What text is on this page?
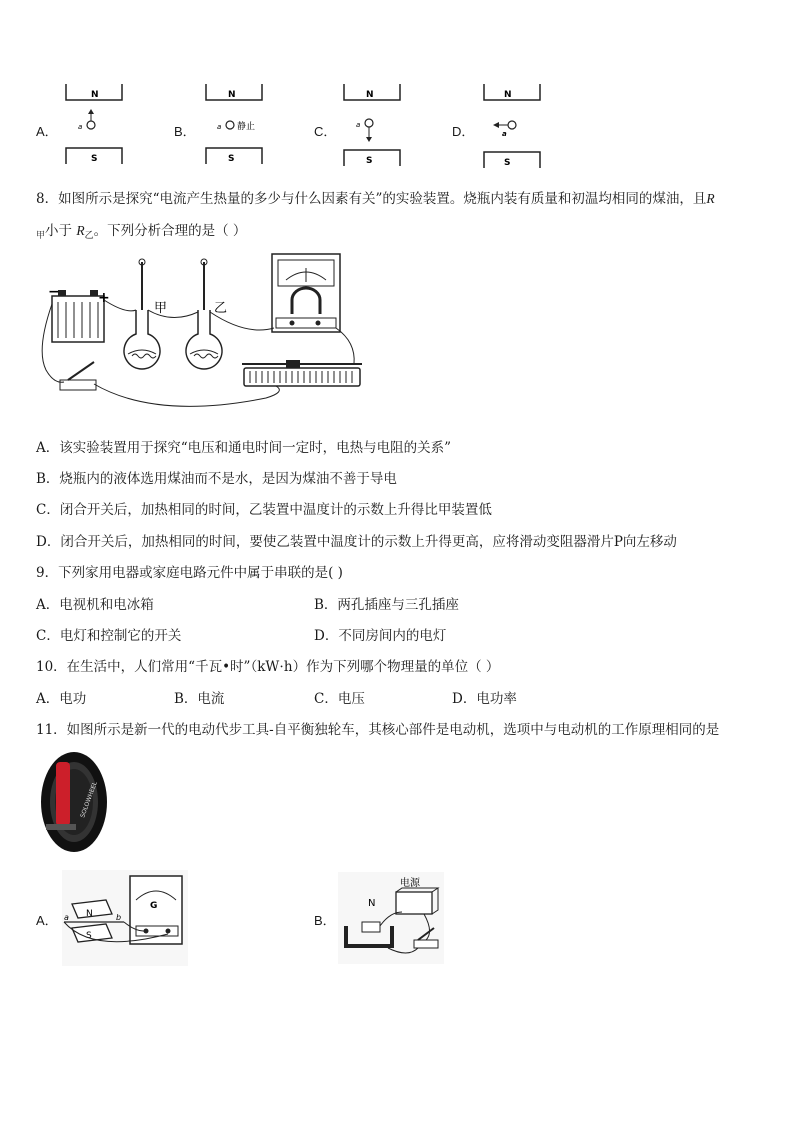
A．
N
a
S
B．
N
a 静止
S
C．
N
a
S
D．
N
a
S
8．如图所示是探究“电流产生热量的多少与什么因素有关”的实验装置。烧瓶内装有质量和初温均相同的煤油，且R
$_甲$小于 $R_乙$。下列分析合理的是（ ）
−	+
甲	乙
A．该实验装置用于探究“电压和通电时间一定时，电热与电阻的关系”
B．烧瓶内的液体选用煤油而不是水，是因为煤油不善于导电
C．闭合开关后，加热相同的时间，乙装置中温度计的示数上升得比甲装置低
D．闭合开关后，加热相同的时间，要使乙装置中温度计的示数上升得更高，应将滑动变阻器滑片P向左移动
9．下列家用电器或家庭电路元件中属于串联的是( )
A．电视机和电冰箱	B．两孔插座与三孔插座
C．电灯和控制它的开关	D．不同房间内的电灯
10．在生活中，人们常用“千瓦•时”（kW⋅h）作为下列哪个物理量的单位（ ）
A．电功	B．电流	C．电压	D．电功率
11．如图所示是新一代的电动代步工具-自平衡独轮车，其核心部件是电动机，选项中与电动机的工作原理相同的是
SOLOWHEEL
A．
G
N
S
a	b	B．
电源
N
